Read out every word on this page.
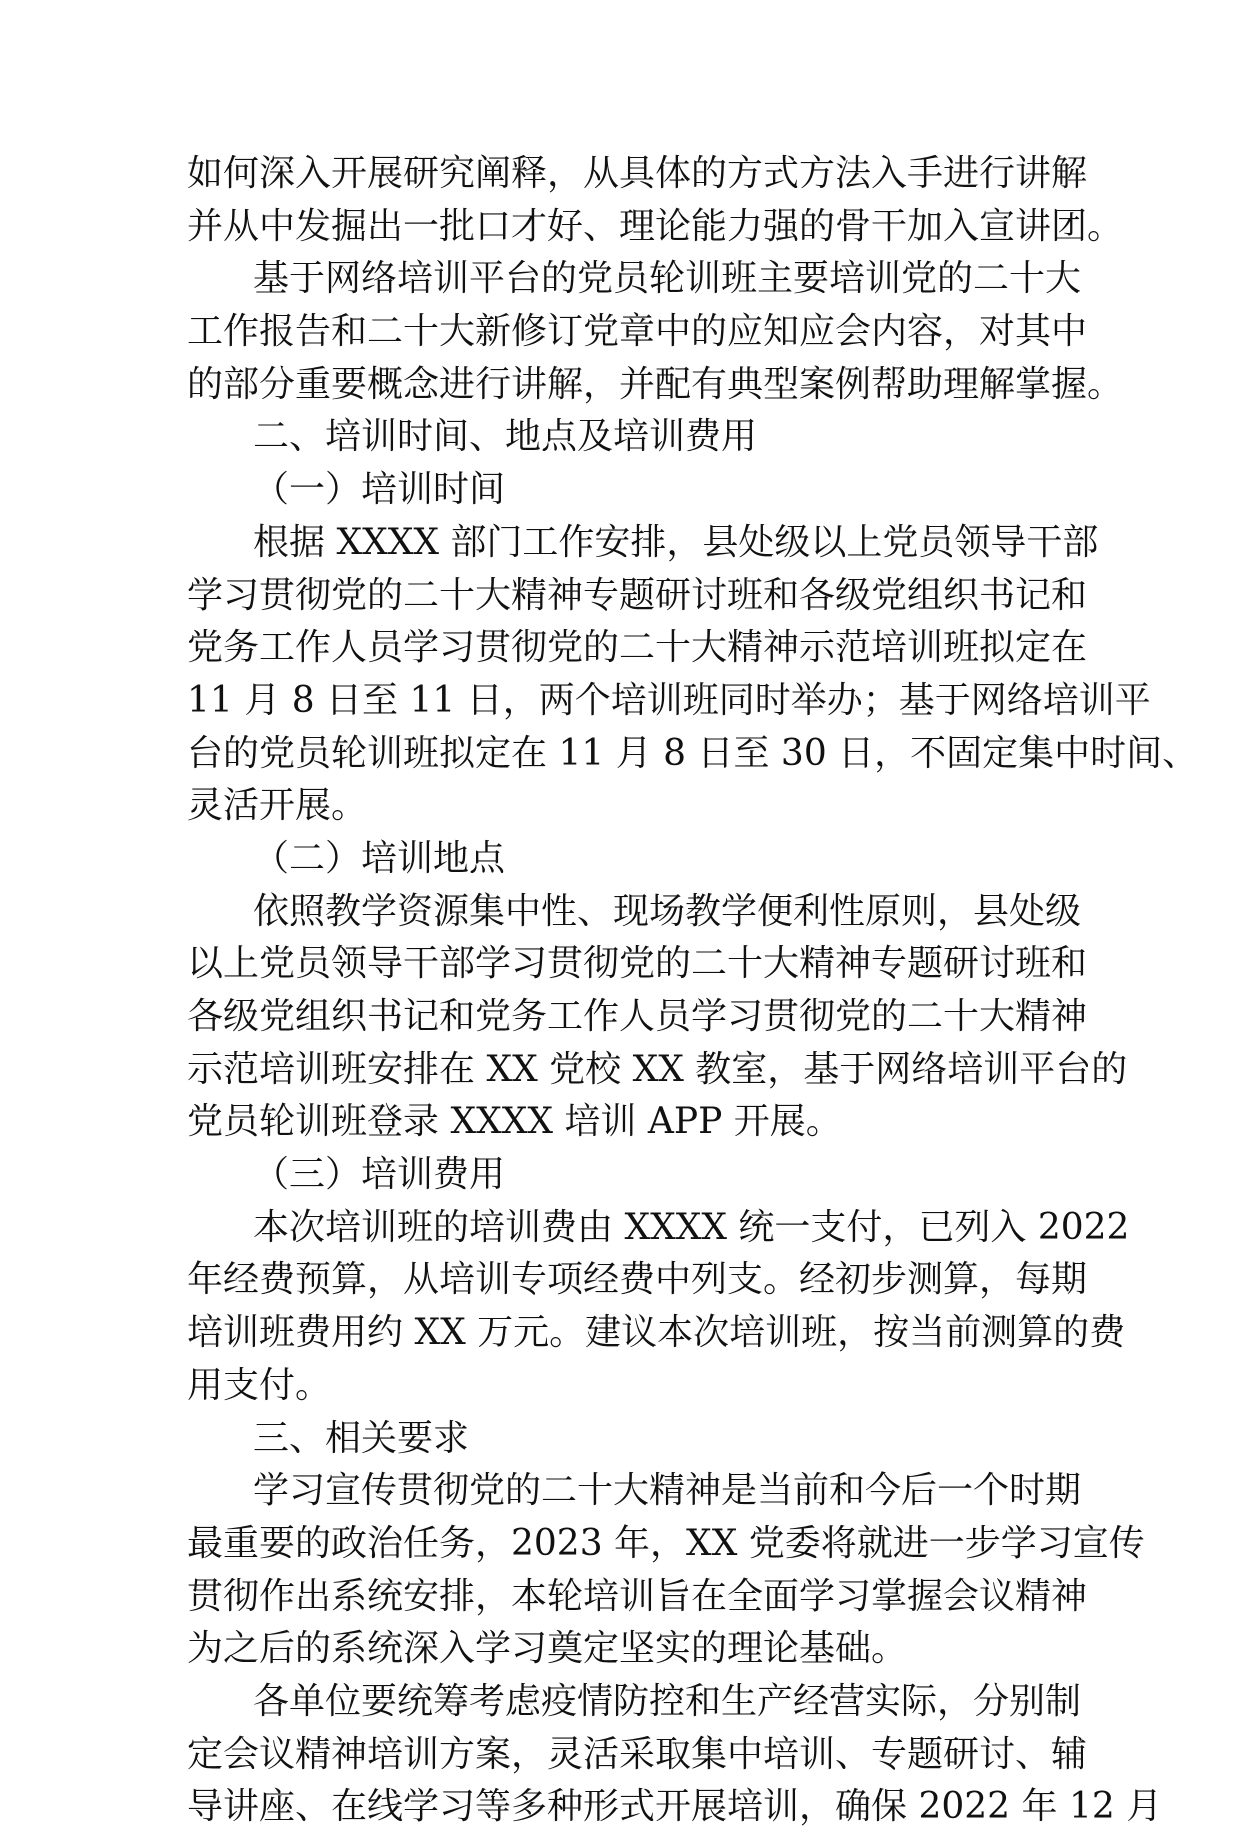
如何深入开展研究阐释，从具体的方式方法入手进行讲解
并从中发掘出一批口才好、理论能力强的骨干加入宣讲团。
基于网络培训平台的党员轮训班主要培训党的二十大
工作报告和二十大新修订党章中的应知应会内容，对其中
的部分重要概念进行讲解，并配有典型案例帮助理解掌握。
二、培训时间、地点及培训费用
（一）培训时间
根据 XXXX 部门工作安排，县处级以上党员领导干部
学习贯彻党的二十大精神专题研讨班和各级党组织书记和
党务工作人员学习贯彻党的二十大精神示范培训班拟定在
11 月 8 日至 11 日，两个培训班同时举办；基于网络培训平
台的党员轮训班拟定在 11 月 8 日至 30 日，不固定集中时间、
灵活开展。
（二）培训地点
依照教学资源集中性、现场教学便利性原则，县处级
以上党员领导干部学习贯彻党的二十大精神专题研讨班和
各级党组织书记和党务工作人员学习贯彻党的二十大精神
示范培训班安排在 XX 党校 XX 教室，基于网络培训平台的
党员轮训班登录 XXXX 培训 APP 开展。
（三）培训费用
本次培训班的培训费由 XXXX 统一支付，已列入 2022
年经费预算，从培训专项经费中列支。经初步测算，每期
培训班费用约 XX 万元。建议本次培训班，按当前测算的费
用支付。
三、相关要求
学习宣传贯彻党的二十大精神是当前和今后一个时期
最重要的政治任务，2023 年，XX 党委将就进一步学习宣传
贯彻作出系统安排，本轮培训旨在全面学习掌握会议精神
为之后的系统深入学习奠定坚实的理论基础。
各单位要统筹考虑疫情防控和生产经营实际，分别制
定会议精神培训方案，灵活采取集中培训、专题研讨、辅
导讲座、在线学习等多种形式开展培训，确保 2022 年 12 月
